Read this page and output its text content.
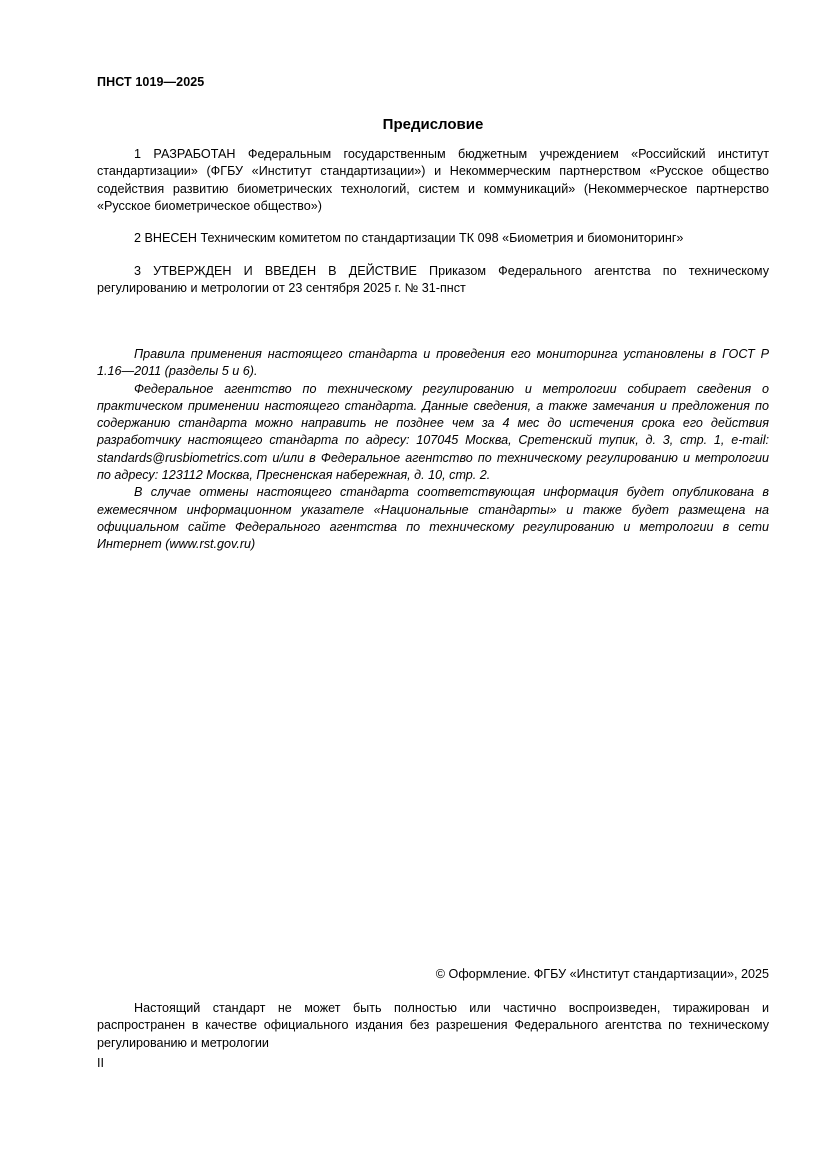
ПНСТ 1019—2025
Предисловие

1 РАЗРАБОТАН Федеральным государственным бюджетным учреждением «Российский институт стандартизации» (ФГБУ «Институт стандартизации») и Некоммерческим партнерством «Русское общество содействия развитию биометрических технологий, систем и коммуникаций» (Некоммерческое партнерство «Русское биометрическое общество»)

2 ВНЕСЕН Техническим комитетом по стандартизации ТК 098 «Биометрия и биомониторинг»

3 УТВЕРЖДЕН И ВВЕДЕН В ДЕЙСТВИЕ Приказом Федерального агентства по техническому регулированию и метрологии от 23 сентября 2025 г. № 31-пнст

Правила применения настоящего стандарта и проведения его мониторинга установлены в ГОСТ Р 1.16—2011 (разделы 5 и 6).

Федеральное агентство по техническому регулированию и метрологии собирает сведения о практическом применении настоящего стандарта. Данные сведения, а также замечания и предложения по содержанию стандарта можно направить не позднее чем за 4 мес до истечения срока его действия разработчику настоящего стандарта по адресу: 107045 Москва, Сретенский тупик, д. 3, стр. 1, e-mail: standards@rusbiometrics.com и/или в Федеральное агентство по техническому регулированию и метрологии по адресу: 123112 Москва, Пресненская набережная, д. 10, стр. 2.

В случае отмены настоящего стандарта соответствующая информация будет опубликована в ежемесячном информационном указателе «Национальные стандарты» и также будет размещена на официальном сайте Федерального агентства по техническому регулированию и метрологии в сети Интернет (www.rst.gov.ru)

© Оформление. ФГБУ «Институт стандартизации», 2025

Настоящий стандарт не может быть полностью или частично воспроизведен, тиражирован и распространен в качестве официального издания без разрешения Федерального агентства по техническому регулированию и метрологии

II
